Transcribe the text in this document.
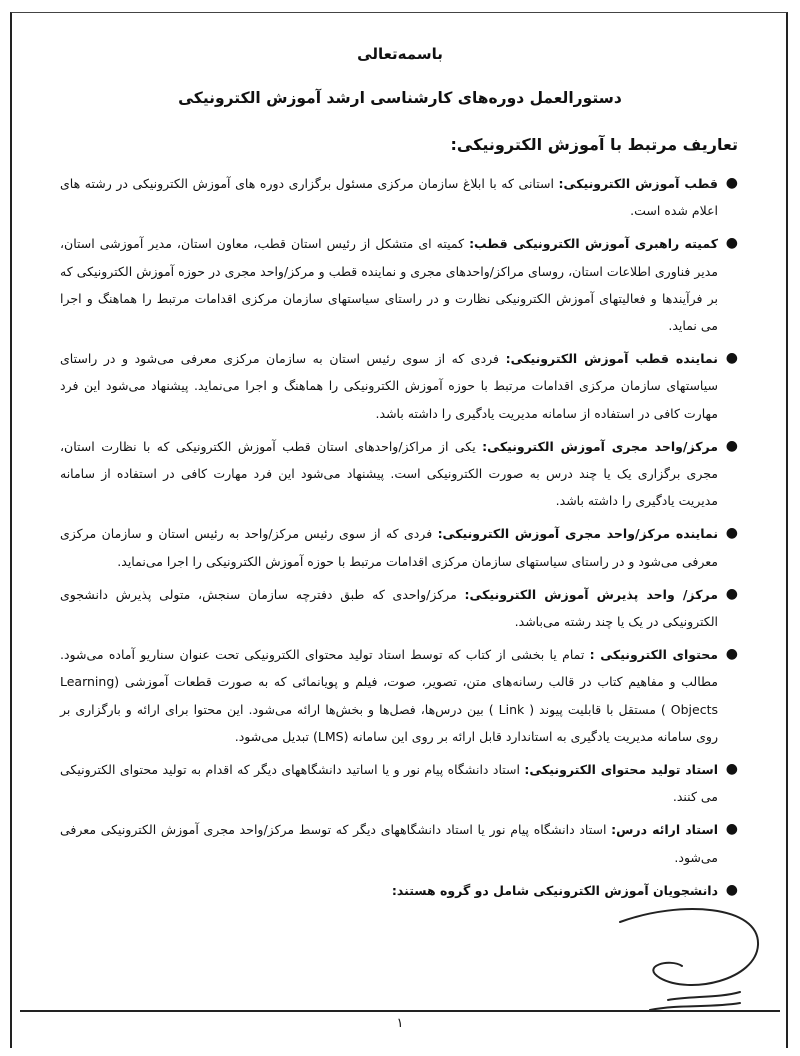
باسمه‌تعالی
دستورالعمل دوره‌های کارشناسی ارشد آموزش الکترونیکی
تعاریف مرتبط با آموزش الکترونیکی:
●
قطب آموزش الکترونیکی: استانی که با ابلاغ سازمان مرکزی مسئول برگزاری دوره های آموزش الکترونیکی در رشته های اعلام شده است.
●
کمیته راهبری آموزش الکترونیکی قطب: کمیته ای متشکل از رئیس استان قطب، معاون استان، مدیر آموزشی استان، مدیر فناوری اطلاعات استان، روسای مراکز/واحدهای مجری و نماینده قطب و مرکز/واحد مجری در حوزه آموزش الکترونیکی که بر فرآیندها و فعالیتهای آموزش الکترونیکی نظارت و در راستای سیاستهای سازمان مرکزی اقدامات مرتبط را هماهنگ و اجرا می نماید.
●
نماینده قطب آموزش الکترونیکی: فردی که از سوی رئیس استان به سازمان مرکزی معرفی می‌شود و در راستای سیاستهای سازمان مرکزی اقدامات مرتبط با حوزه آموزش الکترونیکی را هماهنگ و اجرا می‌نماید. پیشنهاد می‌شود این فرد مهارت کافی در استفاده از سامانه مدیریت یادگیری را داشته باشد.
●
مرکز/واحد مجری آموزش الکترونیکی: یکی از مراکز/واحدهای استان قطب آموزش الکترونیکی که با نظارت استان، مجری برگزاری یک یا چند درس به صورت الکترونیکی است. پیشنهاد می‌شود این فرد مهارت کافی در استفاده از سامانه مدیریت یادگیری را داشته باشد.
●
نماینده مرکز/واحد مجری آموزش الکترونیکی: فردی که از سوی رئیس مرکز/واحد به رئیس استان و سازمان مرکزی معرفی می‌شود و در راستای سیاستهای سازمان مرکزی اقدامات مرتبط با حوزه آموزش الکترونیکی را اجرا می‌نماید.
●
مرکز/ واحد پذیرش آموزش الکترونیکی: مرکز/واحدی که طبق دفترچه سازمان سنجش، متولی پذیرش دانشجوی الکترونیکی در یک یا چند رشته می‌باشد.
●
محتوای الکترونیکی : تمام یا بخشی از کتاب که توسط استاد تولید محتوای الکترونیکی تحت عنوان سناریو آماده می‌شود. مطالب و مفاهیم کتاب در قالب رسانه‌های متن، تصویر، صوت، فیلم و پویانمائی که به صورت قطعات آموزشی (Learning Objects ) مستقل با قابلیت پیوند ( Link ) بین درس‌ها، فصل‌ها و بخش‌ها ارائه می‌شود. این محتوا برای ارائه و بارگزاری بر روی سامانه مدیریت یادگیری به استاندارد قابل ارائه بر روی این سامانه (LMS) تبدیل می‌شود.
●
استاد تولید محتوای الکترونیکی: استاد دانشگاه پیام نور و یا اساتید دانشگاههای دیگر که اقدام به تولید محتوای الکترونیکی می کنند.
●
استاد ارائه درس: استاد دانشگاه پیام نور یا استاد دانشگاههای دیگر که توسط مرکز/واحد مجری آموزش الکترونیکی معرفی می‌شود.
●
دانشجویان آموزش الکترونیکی شامل دو گروه هستند:
۱
